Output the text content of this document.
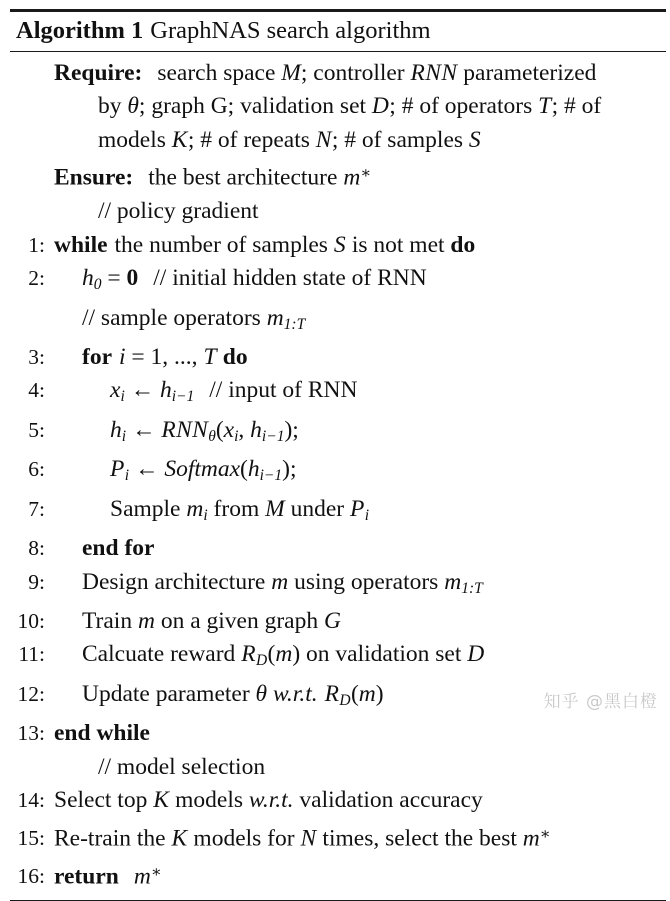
Algorithm 1 GraphNAS search algorithm
Require: search space M; controller RNN parameterized
by θ; graph G; validation set D; # of operators T; # of
models K; # of repeats N; # of samples S
Ensure: the best architecture m∗
// policy gradient
1: while the number of samples S is not met do
2:	$h_0 = 0$ // initial hidden state of RNN
// sample operators $m_{1:T}$
3:	for i = 1, ..., T do
4:	$x_i$ ← $h_{i-1}$ // input of RNN
5:	$h_i$ ← $RNN_\theta(x_i$, $h_{i-1}$);
6:	$P_i$ ← $Softmax(h_{i-1})$;
7:	Sample $m_i$ from M under $P_i$
8:	end for
9:	Design architecture m using operators $m_{1:T}$
10:	Train m on a given graph G
11:	Calcuate reward $R_D(m)$ on validation set D
12:	Update parameter θ w.r.t. $R_D(m)$
13: end while
// model selection
14: Select top K models w.r.t. validation accuracy
15: Re-train the K models for N times, select the best m∗
16: return m∗
知乎 @黑白橙
